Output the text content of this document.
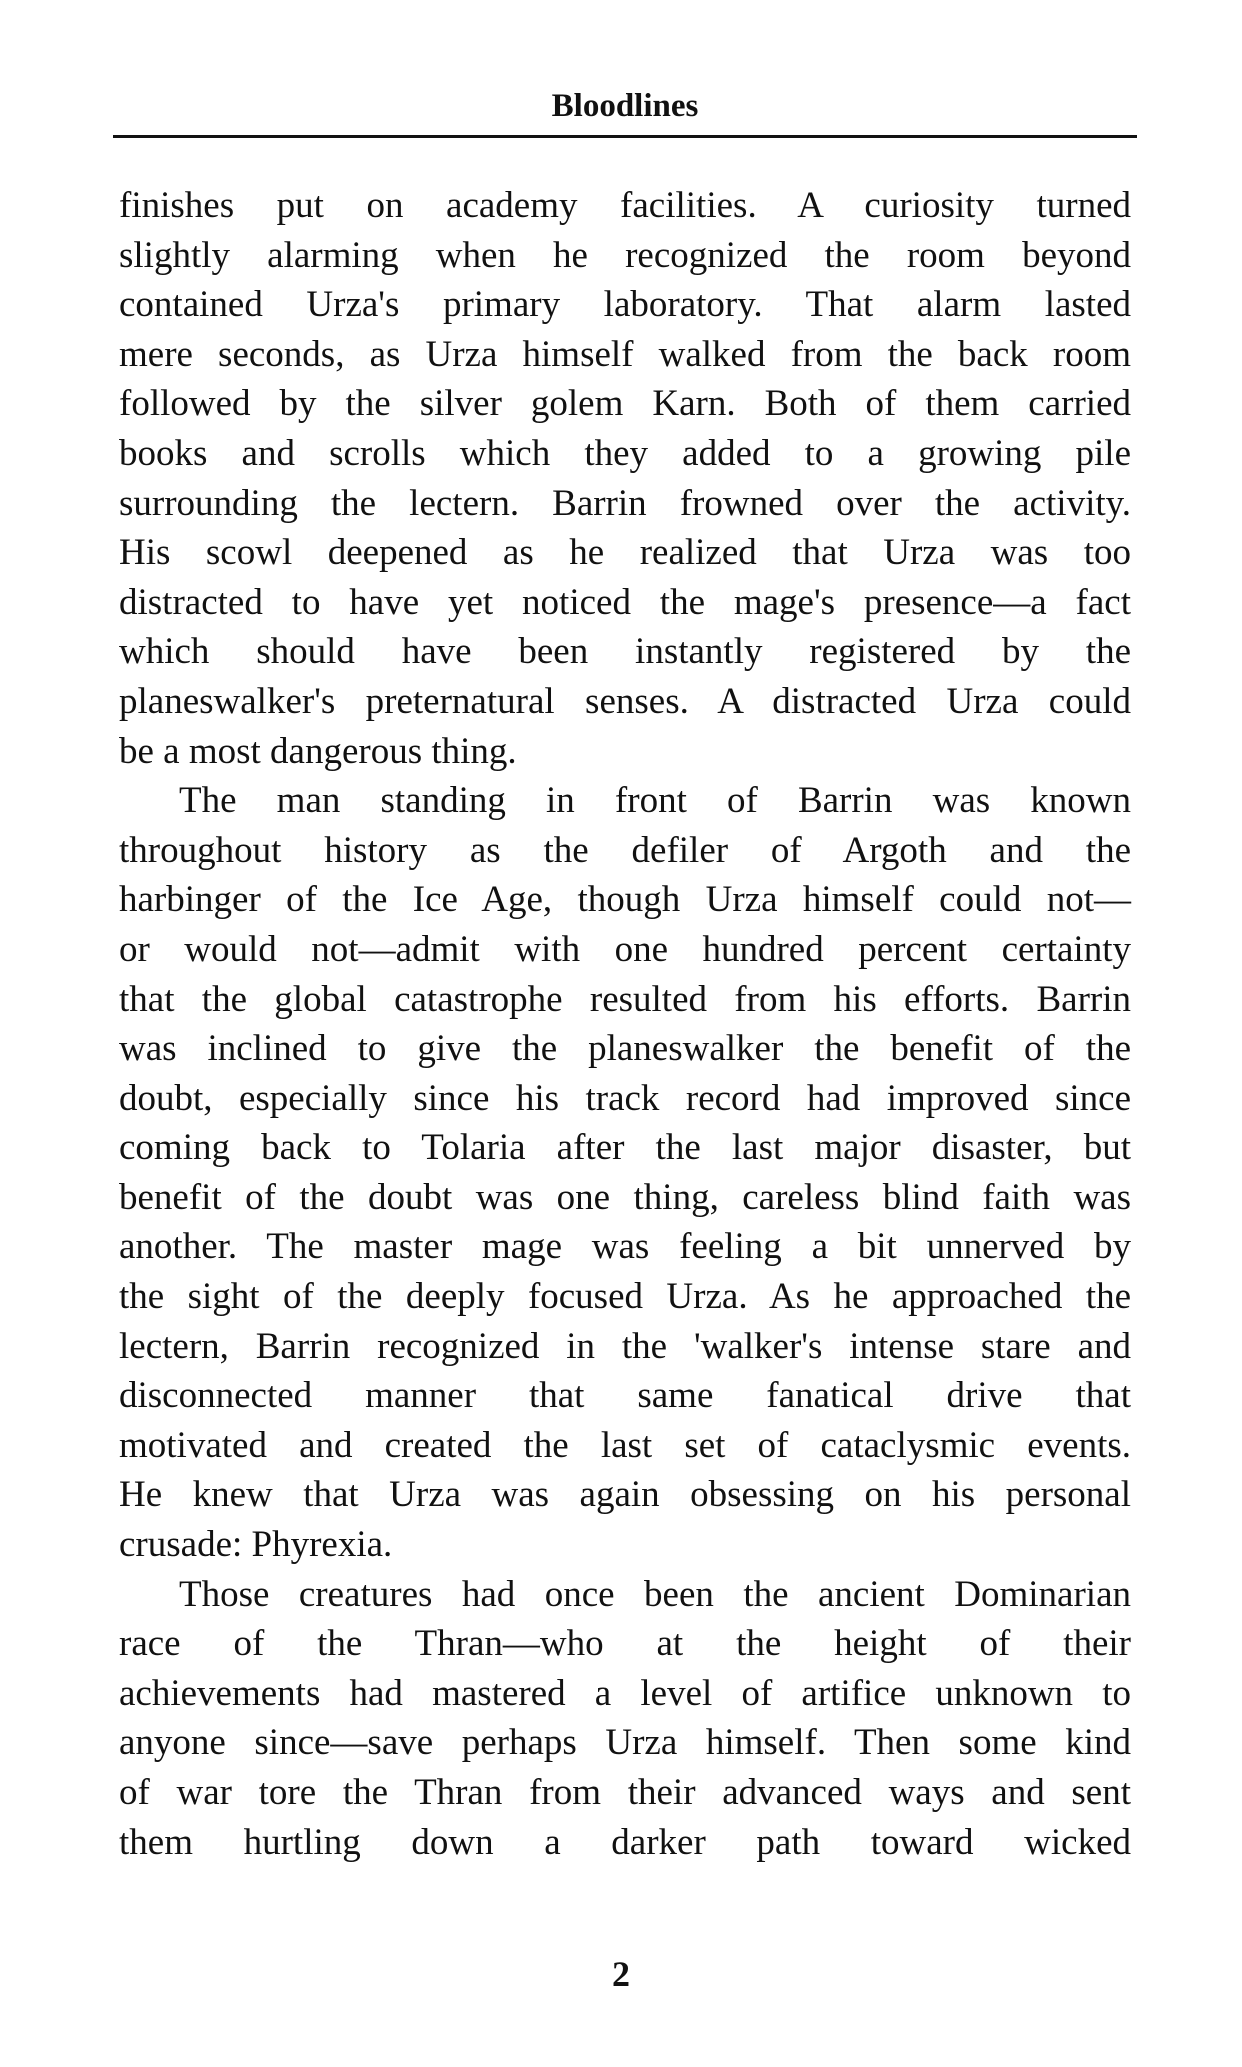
Bloodlines
finishes put on academy facilities. A curiosity turned
slightly alarming when he recognized the room beyond
contained Urza's primary laboratory. That alarm lasted
mere seconds, as Urza himself walked from the back room
followed by the silver golem Karn. Both of them carried
books and scrolls which they added to a growing pile
surrounding the lectern. Barrin frowned over the activity.
His scowl deepened as he realized that Urza was too
distracted to have yet noticed the mage's presence—a fact
which should have been instantly registered by the
planeswalker's preternatural senses. A distracted Urza could
be a most dangerous thing.
The man standing in front of Barrin was known
throughout history as the defiler of Argoth and the
harbinger of the Ice Age, though Urza himself could not—
or would not—admit with one hundred percent certainty
that the global catastrophe resulted from his efforts. Barrin
was inclined to give the planeswalker the benefit of the
doubt, especially since his track record had improved since
coming back to Tolaria after the last major disaster, but
benefit of the doubt was one thing, careless blind faith was
another. The master mage was feeling a bit unnerved by
the sight of the deeply focused Urza. As he approached the
lectern, Barrin recognized in the 'walker's intense stare and
disconnected manner that same fanatical drive that
motivated and created the last set of cataclysmic events.
He knew that Urza was again obsessing on his personal
crusade: Phyrexia.
Those creatures had once been the ancient Dominarian
race of the Thran—who at the height of their
achievements had mastered a level of artifice unknown to
anyone since—save perhaps Urza himself. Then some kind
of war tore the Thran from their advanced ways and sent
them hurtling down a darker path toward wicked
2
